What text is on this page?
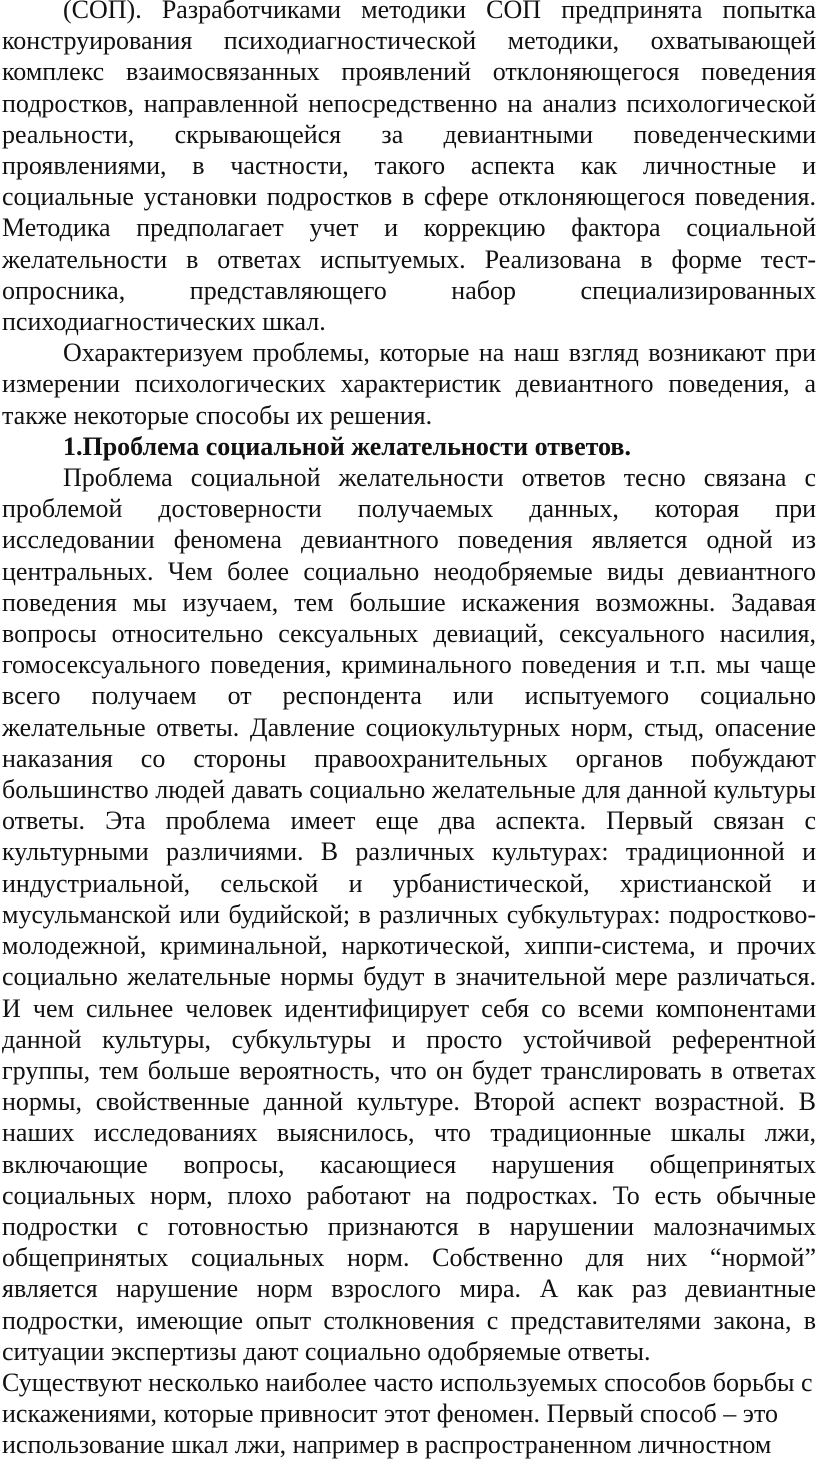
(СОП). Разработчиками методики СОП предпринята попытка конструирования психодиагностической методики, охватывающей комплекс взаимосвязанных проявлений отклоняющегося поведения подростков, направленной непосредственно на анализ психологической реальности, скрывающейся за девиантными поведенческими проявлениями, в частности, такого аспекта как личностные и социальные установки подростков в сфере отклоняющегося поведения. Методика предполагает учет и коррекцию фактора социальной желательности в ответах испытуемых. Реализована в форме тест-опросника, представляющего набор специализированных психодиагностических шкал.

Охарактеризуем проблемы, которые на наш взгляд возникают при измерении психологических характеристик девиантного поведения, а также некоторые способы их решения.

1.Проблема социальной желательности ответов.

Проблема социальной желательности ответов тесно связана с проблемой достоверности получаемых данных, которая при исследовании феномена девиантного поведения является одной из центральных. Чем более социально неодобряемые виды девиантного поведения мы изучаем, тем большие искажения возможны. Задавая вопросы относительно сексуальных девиаций, сексуального насилия, гомосексуального поведения, криминального поведения и т.п. мы чаще всего получаем от респондента или испытуемого социально желательные ответы. Давление социокультурных норм, стыд, опасение наказания со стороны правоохранительных органов побуждают большинство людей давать социально желательные для данной культуры ответы. Эта проблема имеет еще два аспекта. Первый связан с культурными различиями. В различных культурах: традиционной и индустриальной, сельской и урбанистической, христианской и мусульманской или будийской; в различных субкультурах: подростково-молодежной, криминальной, наркотической, хиппи-система, и прочих социально желательные нормы будут в значительной мере различаться. И чем сильнее человек идентифицирует себя со всеми компонентами данной культуры, субкультуры и просто устойчивой референтной группы, тем больше вероятность, что он будет транслировать в ответах нормы, свойственные данной культуре. Второй аспект возрастной. В наших исследованиях выяснилось, что традиционные шкалы лжи, включающие вопросы, касающиеся нарушения общепринятых социальных норм, плохо работают на подростках. То есть обычные подростки с готовностью признаются в нарушении малозначимых общепринятых социальных норм. Собственно для них “нормой” является нарушение норм взрослого мира. А как раз девиантные подростки, имеющие опыт столкновения с представителями закона, в ситуации экспертизы дают социально одобряемые ответы.

Существуют несколько наиболее часто используемых способов борьбы с искажениями, которые привносит этот феномен. Первый способ – это использование шкал лжи, например в распространенном личностном
